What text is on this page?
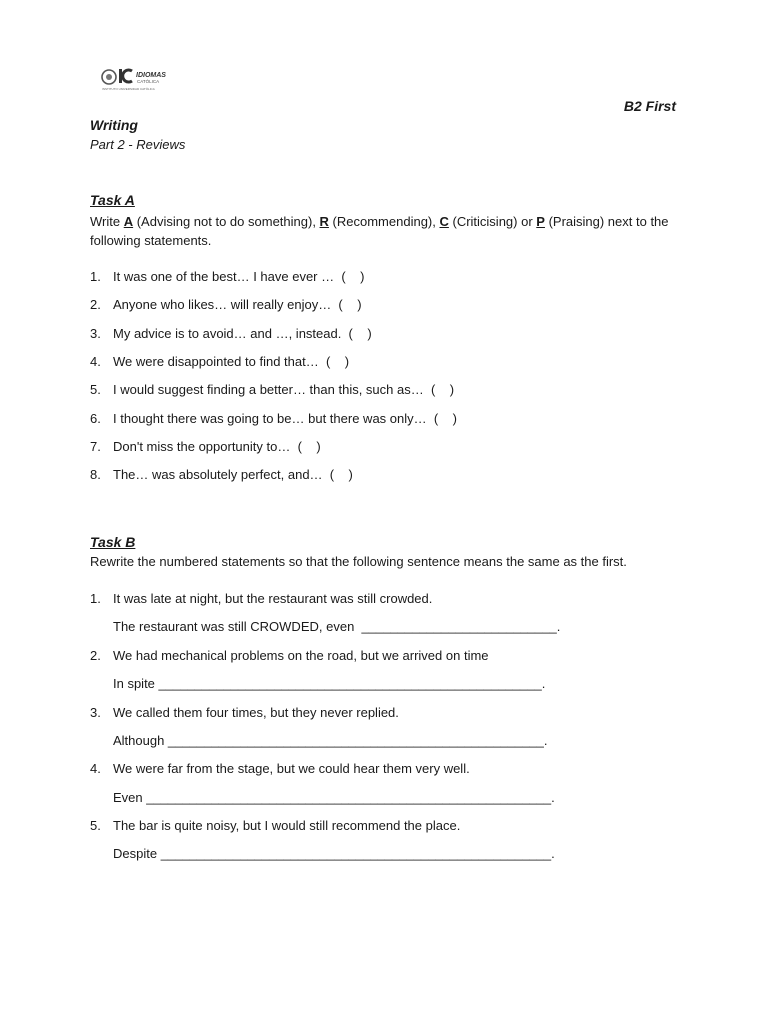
IDIOMAS
CATÓLICA
INSTITUTO UNIVERSIDAD CATÓLICA
B2 First
Writing
Part 2 - Reviews
Task A
Write A (Advising not to do something), R (Recommending), C (Criticising) or P (Praising) next to the following statements.
1. It was one of the best… I have ever …  (    )
2. Anyone who likes… will really enjoy…  (    )
3. My advice is to avoid… and …, instead.  (    )
4. We were disappointed to find that…  (    )
5. I would suggest finding a better… than this, such as…  (    )
6. I thought there was going to be… but there was only…  (    )
7. Don't miss the opportunity to…  (    )
8. The… was absolutely perfect, and…  (    )
Task B
Rewrite the numbered statements so that the following sentence means the same as the first.
1. It was late at night, but the restaurant was still crowded.
The restaurant was still CROWDED, even  ___________________________.
2. We had mechanical problems on the road, but we arrived on time
In spite _____________________________________________________.
3. We called them four times, but they never replied.
Although ____________________________________________________.
4. We were far from the stage, but we could hear them very well.
Even ________________________________________________________.
5. The bar is quite noisy, but I would still recommend the place.
Despite ______________________________________________________.
